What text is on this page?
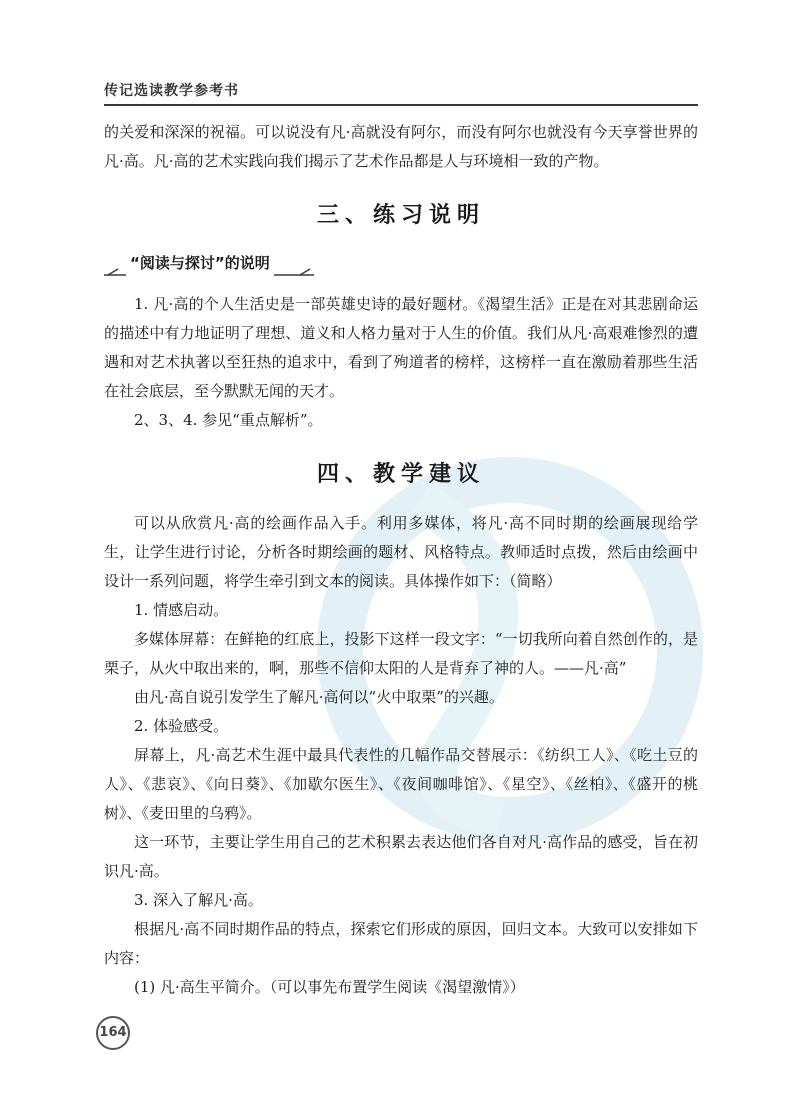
传记选读教学参考书

的关爱和深深的祝福。可以说没有凡·高就没有阿尔，而没有阿尔也就没有今天享誉世界的凡·高。凡·高的艺术实践向我们揭示了艺术作品都是人与环境相一致的产物。

三、练习说明
“阅读与探讨”的说明

1. 凡·高的个人生活史是一部英雄史诗的最好题材。《渴望生活》正是在对其悲剧命运的描述中有力地证明了理想、道义和人格力量对于人生的价值。我们从凡·高艰难惨烈的遭遇和对艺术执著以至狂热的追求中，看到了殉道者的榜样，这榜样一直在激励着那些生活在社会底层，至今默默无闻的天才。

2、3、4. 参见“重点解析”。

四、教学建议

可以从欣赏凡·高的绘画作品入手。利用多媒体，将凡·高不同时期的绘画展现给学生，让学生进行讨论，分析各时期绘画的题材、风格特点。教师适时点拨，然后由绘画中设计一系列问题，将学生牵引到文本的阅读。具体操作如下：（简略）

1. 情感启动。

多媒体屏幕：在鲜艳的红底上，投影下这样一段文字：“一切我所向着自然创作的，是栗子，从火中取出来的，啊，那些不信仰太阳的人是背弃了神的人。——凡·高”

由凡·高自说引发学生了解凡·高何以“火中取栗”的兴趣。

2. 体验感受。

屏幕上，凡·高艺术生涯中最具代表性的几幅作品交替展示：《纺织工人》、《吃土豆的人》、《悲哀》、《向日葵》、《加歇尔医生》、《夜间咖啡馆》、《星空》、《丝柏》、《盛开的桃树》、《麦田里的乌鸦》。

这一环节，主要让学生用自己的艺术积累去表达他们各自对凡·高作品的感受，旨在初识凡·高。

3. 深入了解凡·高。

根据凡·高不同时期作品的特点，探索它们形成的原因，回归文本。大致可以安排如下内容：

(1) 凡·高生平简介。（可以事先布置学生阅读《渴望激情》）

164
